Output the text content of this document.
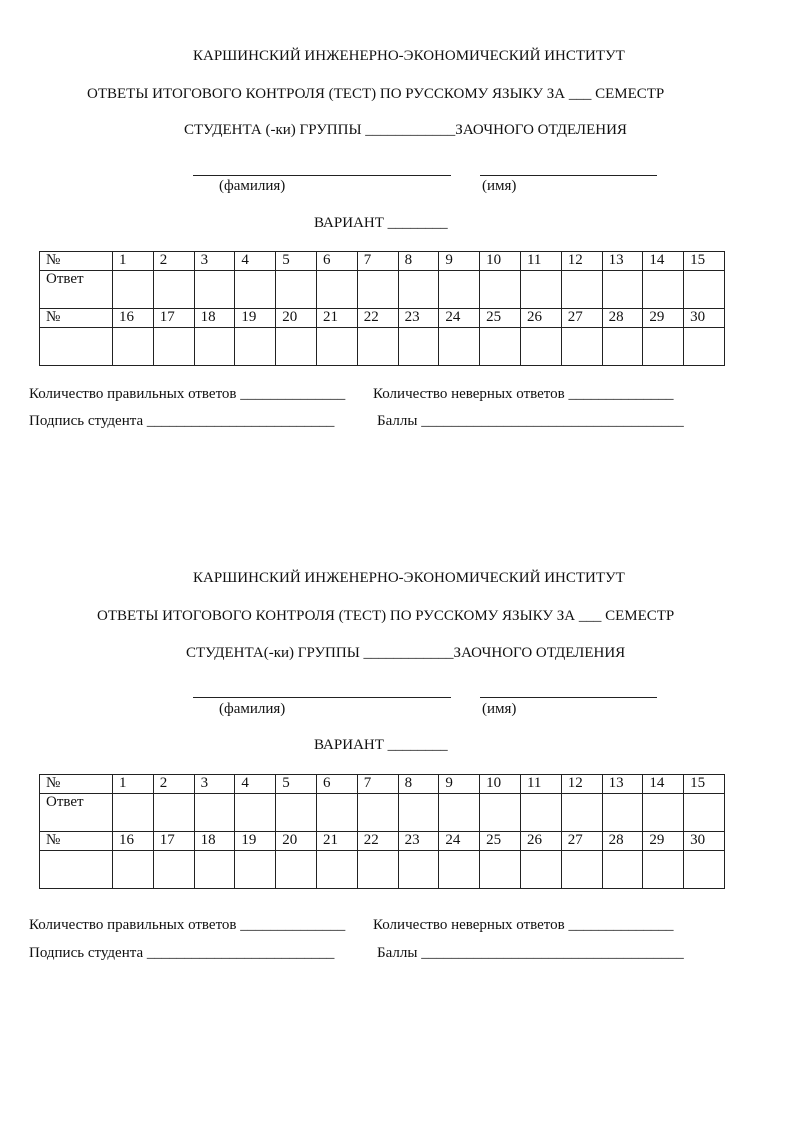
КАРШИНСКИЙ ИНЖЕНЕРНО-ЭКОНОМИЧЕСКИЙ ИНСТИТУТ
ОТВЕТЫ ИТОГОВОГО КОНТРОЛЯ (ТЕСТ) ПО РУССКОМУ ЯЗЫКУ ЗА ___ СЕМЕСТР
СТУДЕНТА (-ки) ГРУППЫ ____________ЗАОЧНОГО ОТДЕЛЕНИЯ
(фамилия)	(имя)
ВАРИАНТ ________
№	1	2	3	4	5	6	7	8	9	10	11	12	13	14	15
Ответ															
№	16	17	18	19	20	21	22	23	24	25	26	27	28	29	30

Количество правильных ответов ______________ Количество неверных ответов ______________
Подпись студента _________________________	Баллы ___________________________________
КАРШИНСКИЙ ИНЖЕНЕРНО-ЭКОНОМИЧЕСКИЙ ИНСТИТУТ
ОТВЕТЫ ИТОГОВОГО КОНТРОЛЯ (ТЕСТ) ПО РУССКОМУ ЯЗЫКУ ЗА ___ СЕМЕСТР
СТУДЕНТА(-ки) ГРУППЫ ____________ЗАОЧНОГО ОТДЕЛЕНИЯ
(фамилия)	(имя)
ВАРИАНТ ________
№	1	2	3	4	5	6	7	8	9	10	11	12	13	14	15
Ответ															
№	16	17	18	19	20	21	22	23	24	25	26	27	28	29	30

Количество правильных ответов ______________ Количество неверных ответов ______________
Подпись студента _________________________	Баллы ___________________________________
